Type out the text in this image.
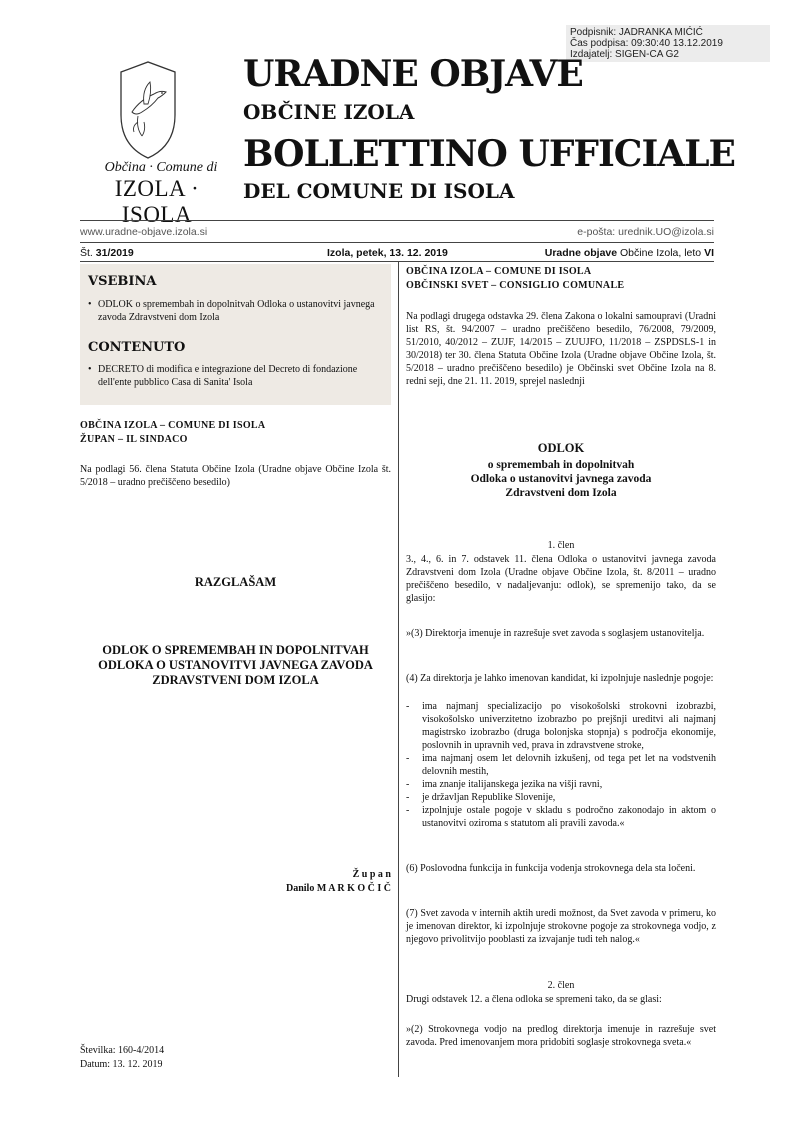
Podpisnik: JADRANKA MIĆIĆ
Čas podpisa: 09:30:40 13.12.2019
Izdajatelj: SIGEN-CA G2
Občina · Comune di
IZOLA · ISOLA
URADNE OBJAVE
OBČINE IZOLA
BOLLETTINO UFFICIALE
DEL COMUNE DI ISOLA
www.uradne-objave.izola.si	e-pošta: urednik.UO@izola.si
Št. 31/2019	Izola, petek, 13. 12. 2019	Uradne objave Občine Izola, leto VI
VSEBINA
• ODLOK o spremembah in dopolnitvah Odloka o ustanovitvi javnega zavoda Zdravstveni dom Izola
CONTENUTO
• DECRETO di modifica e integrazione del Decreto di fondazione dell'ente pubblico Casa di Sanita' Isola
OBČINA IZOLA – COMUNE DI ISOLA
ŽUPAN – IL SINDACO
Na podlagi 56. člena Statuta Občine Izola (Uradne objave Občine Izola št. 5/2018 – uradno prečiščeno besedilo)
RAZGLAŠAM
ODLOK O SPREMEMBAH IN DOPOLNITVAH ODLOKA O USTANOVITVI JAVNEGA ZAVODA ZDRAVSTVENI DOM IZOLA
Ž u p a n
Danilo M A R K O Č I Č
Številka: 160-4/2014
Datum: 13. 12. 2019
OBČINA IZOLA – COMUNE DI ISOLA
OBČINSKI SVET – CONSIGLIO COMUNALE
Na podlagi drugega odstavka 29. člena Zakona o lokalni samoupravi (Uradni list RS, št. 94/2007 – uradno prečiščeno besedilo, 76/2008, 79/2009, 51/2010, 40/2012 – ZUJF, 14/2015 – ZUUJFO, 11/2018 – ZSPDSLS-1 in 30/2018) ter 30. člena Statuta Občine Izola (Uradne objave Občine Izola, št. 5/2018 – uradno prečiščeno besedilo) je Občinski svet Občine Izola na 8. redni seji, dne 21. 11. 2019, sprejel naslednji
ODLOK
o spremembah in dopolnitvah
Odloka o ustanovitvi javnega zavoda
Zdravstveni dom Izola
1. člen
3., 4., 6. in 7. odstavek 11. člena Odloka o ustanovitvi javnega zavoda Zdravstveni dom Izola (Uradne objave Občine Izola, št. 8/2011 – uradno prečiščeno besedilo, v nadaljevanju: odlok), se spremenijo tako, da se glasijo:
»(3) Direktorja imenuje in razrešuje svet zavoda s soglasjem ustanovitelja.
(4) Za direktorja je lahko imenovan kandidat, ki izpolnjuje naslednje pogoje:
- ima najmanj specializacijo po visokošolski strokovni izobrazbi, visokošolsko univerzitetno izobrazbo po prejšnji ureditvi ali najmanj magistrsko izobrazbo (druga bolonjska stopnja) s področja ekonomije, poslovnih in upravnih ved, prava in zdravstvene stroke,
- ima najmanj osem let delovnih izkušenj, od tega pet let na vodstvenih delovnih mestih,
- ima znanje italijanskega jezika na višji ravni,
- je državljan Republike Slovenije,
- izpolnjuje ostale pogoje v skladu s področno zakonodajo in aktom o ustanovitvi oziroma s statutom ali pravili zavoda.«
(6) Poslovodna funkcija in funkcija vodenja strokovnega dela sta ločeni.
(7) Svet zavoda v internih aktih uredi možnost, da Svet zavoda v primeru, ko je imenovan direktor, ki izpolnjuje strokovne pogoje za strokovnega vodjo, z njegovo privolitvijo pooblasti za izvajanje tudi teh nalog.«
2. člen
Drugi odstavek 12. a člena odloka se spremeni tako, da se glasi:
»(2) Strokovnega vodjo na predlog direktorja imenuje in razrešuje svet zavoda. Pred imenovanjem mora pridobiti soglasje strokovnega sveta.«
